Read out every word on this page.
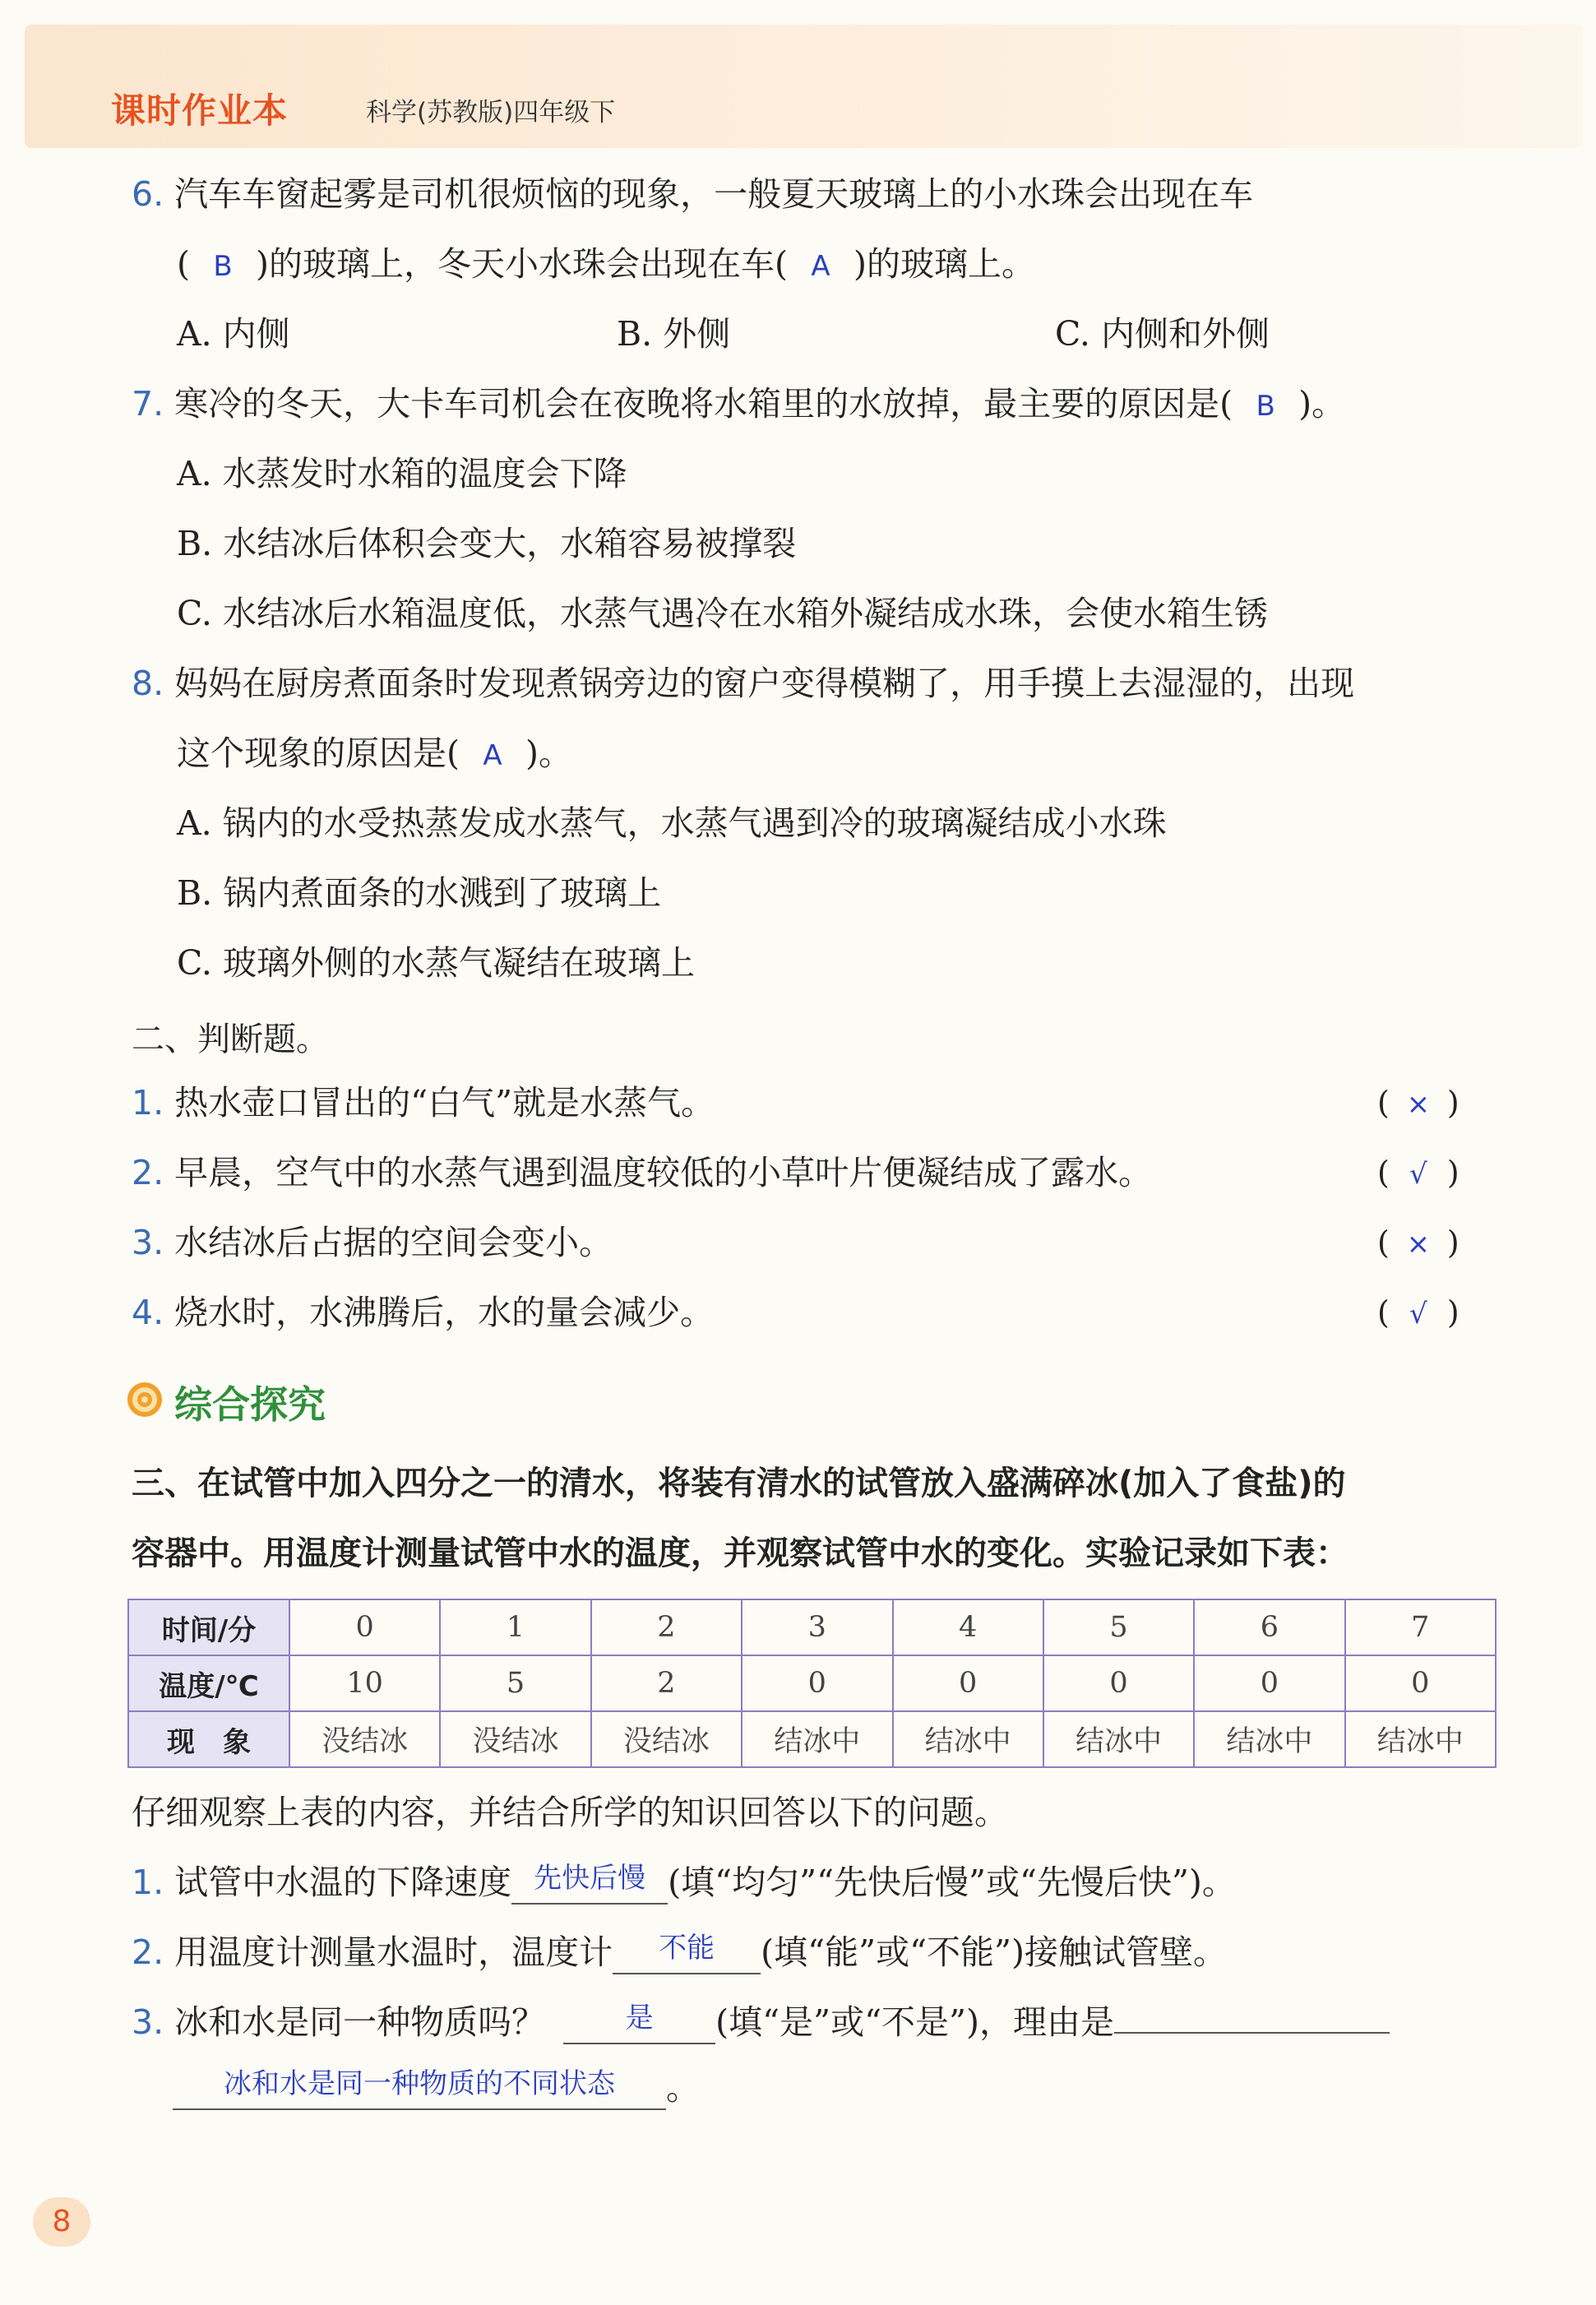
课时作业本	科学(苏教版)四年级下
6. 汽车车窗起雾是司机很烦恼的现象，一般夏天玻璃上的小水珠会出现在车
( B )的玻璃上，冬天小水珠会出现在车( A )的玻璃上。
A. 内侧	B. 外侧	C. 内侧和外侧
7. 寒冷的冬天，大卡车司机会在夜晚将水箱里的水放掉，最主要的原因是( B )。
A. 水蒸发时水箱的温度会下降
B. 水结冰后体积会变大，水箱容易被撑裂
C. 水结冰后水箱温度低，水蒸气遇冷在水箱外凝结成水珠，会使水箱生锈
8. 妈妈在厨房煮面条时发现煮锅旁边的窗户变得模糊了，用手摸上去湿湿的，出现
这个现象的原因是( A )。
A. 锅内的水受热蒸发成水蒸气，水蒸气遇到冷的玻璃凝结成小水珠
B. 锅内煮面条的水溅到了玻璃上
C. 玻璃外侧的水蒸气凝结在玻璃上
二、判断题。
1. 热水壶口冒出的“白气”就是水蒸气。	( × )
2. 早晨，空气中的水蒸气遇到温度较低的小草叶片便凝结成了露水。	( √ )
3. 水结冰后占据的空间会变小。	( × )
4. 烧水时，水沸腾后，水的量会减少。	( √ )
综合探究
三、在试管中加入四分之一的清水，将装有清水的试管放入盛满碎冰(加入了食盐)的
容器中。用温度计测量试管中水的温度，并观察试管中水的变化。实验记录如下表：
时间/分	0	1	2	3	4	5	6	7
温度/℃	10	5	2	0	0	0	0	0
现　象	没结冰	没结冰	没结冰	结冰中	结冰中	结冰中	结冰中	结冰中
仔细观察上表的内容，并结合所学的知识回答以下的问题。
1. 试管中水温的下降速度 先快后慢 (填“均匀”“先快后慢”或“先慢后快”)。
2. 用温度计测量水温时，温度计 不能 (填“能”或“不能”)接触试管壁。
3. 冰和水是同一种物质吗？	是 (填“是”或“不是”)，理由是
冰和水是同一种物质的不同状态 。
8
